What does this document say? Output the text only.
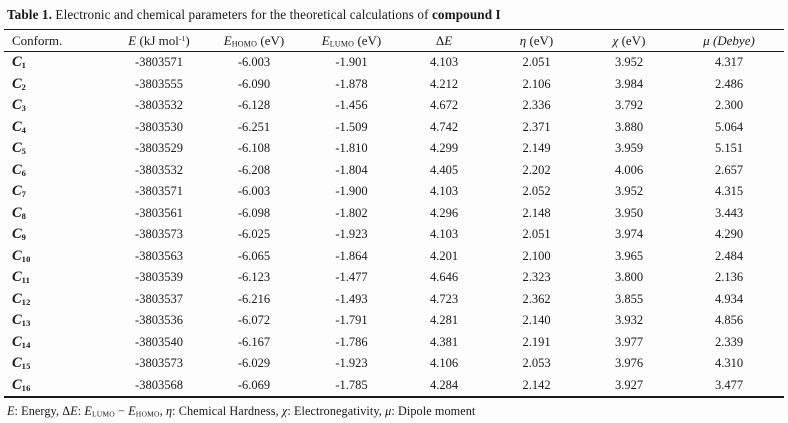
Table 1. Electronic and chemical parameters for the theoretical calculations of compound I
Conform.	E (kJ mol$^{-1}$)	$E_{HOMO}$ (eV)	$E_{LUMO}$ (eV)	ΔE	η (eV)	χ (eV)	μ (Debye)
$C_1$	-3803571	-6.003	-1.901	4.103	2.051	3.952	4.317
$C_2$	-3803555	-6.090	-1.878	4.212	2.106	3.984	2.486
$C_3$	-3803532	-6.128	-1.456	4.672	2.336	3.792	2.300
$C_4$	-3803530	-6.251	-1.509	4.742	2.371	3.880	5.064
$C_5$	-3803529	-6.108	-1.810	4.299	2.149	3.959	5.151
$C_6$	-3803532	-6.208	-1.804	4.405	2.202	4.006	2.657
$C_7$	-3803571	-6.003	-1.900	4.103	2.052	3.952	4.315
$C_8$	-3803561	-6.098	-1.802	4.296	2.148	3.950	3.443
$C_9$	-3803573	-6.025	-1.923	4.103	2.051	3.974	4.290
$C_{10}$	-3803563	-6.065	-1.864	4.201	2.100	3.965	2.484
$C_{11}$	-3803539	-6.123	-1.477	4.646	2.323	3.800	2.136
$C_{12}$	-3803537	-6.216	-1.493	4.723	2.362	3.855	4.934
$C_{13}$	-3803536	-6.072	-1.791	4.281	2.140	3.932	4.856
$C_{14}$	-3803540	-6.167	-1.786	4.381	2.191	3.977	2.339
$C_{15}$	-3803573	-6.029	-1.923	4.106	2.053	3.976	4.310
$C_{16}$	-3803568	-6.069	-1.785	4.284	2.142	3.927	3.477
E: Energy, ΔE: $E_{LUMO} - E_{HOMO}$, η: Chemical Hardness, χ: Electronegativity, μ: Dipole moment
